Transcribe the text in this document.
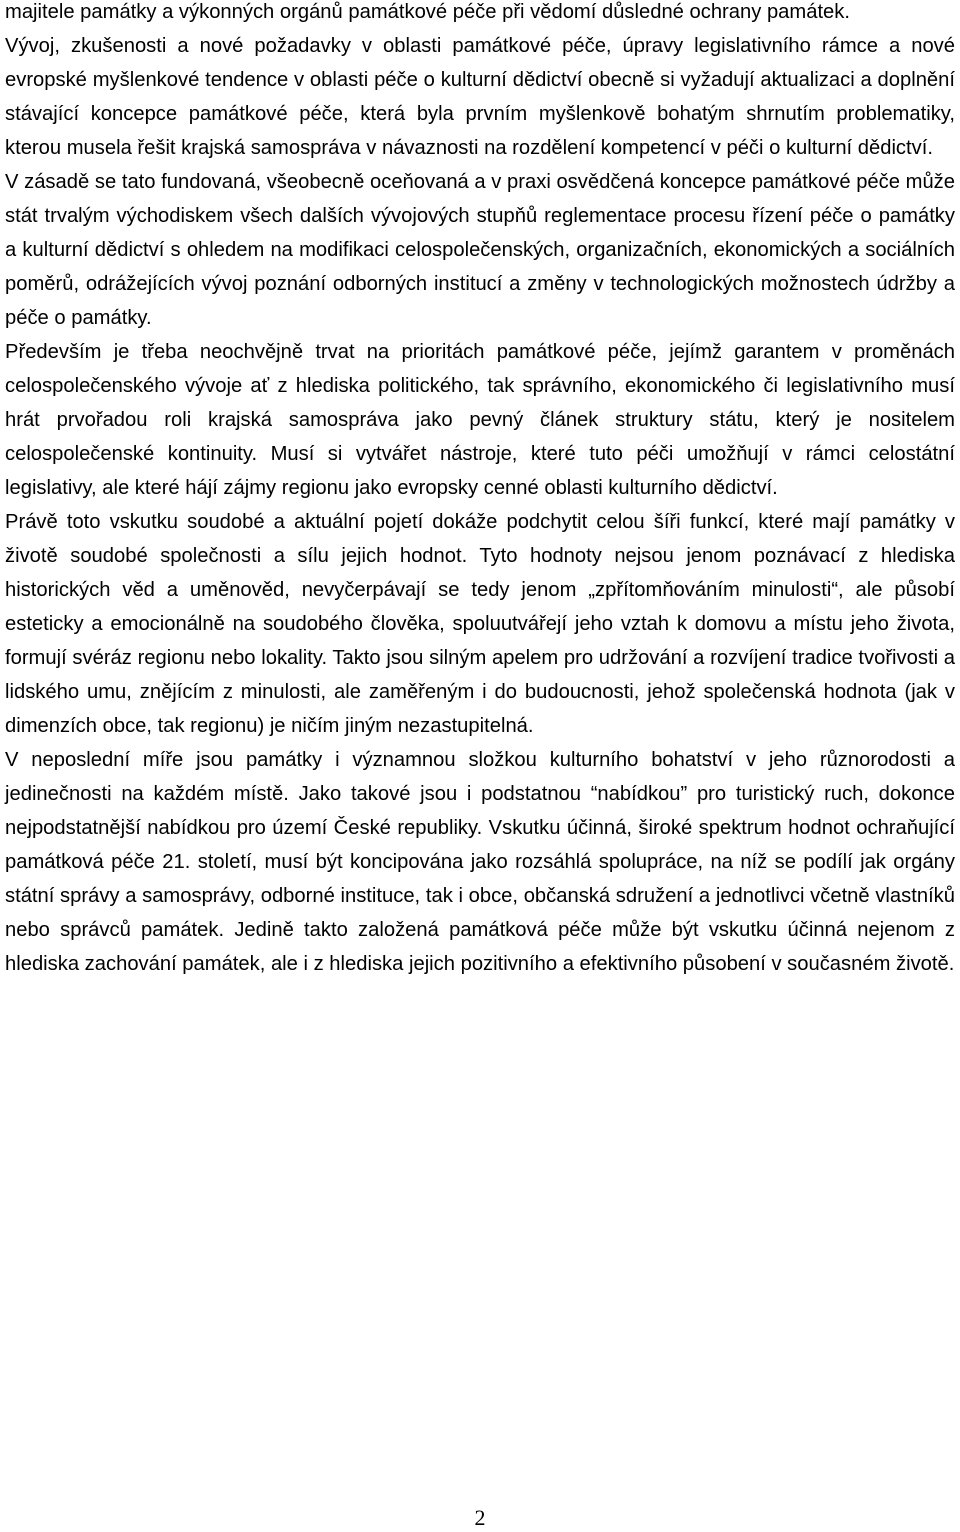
majitele památky a výkonných orgánů památkové péče při vědomí důsledné ochrany památek.

Vývoj, zkušenosti a nové požadavky v oblasti památkové péče, úpravy legislativního rámce a nové evropské myšlenkové tendence v oblasti péče o kulturní dědictví obecně si vyžadují aktualizaci a doplnění stávající koncepce památkové péče, která byla prvním myšlenkově bohatým shrnutím problematiky, kterou musela řešit krajská samospráva v návaznosti na rozdělení kompetencí v péči o kulturní dědictví.

V zásadě se tato fundovaná, všeobecně oceňovaná a v praxi osvědčená koncepce památkové péče může stát trvalým východiskem všech dalších vývojových stupňů reglementace procesu řízení péče o památky a kulturní dědictví s ohledem na modifikaci celospolečenských, organizačních, ekonomických a sociálních poměrů, odrážejících vývoj poznání odborných institucí a změny v technologických možnostech údržby a péče o památky.

Především je třeba neochvějně trvat na prioritách památkové péče, jejímž garantem v proměnách celospolečenského vývoje ať z hlediska politického, tak správního, ekonomického či legislativního musí hrát prvořadou roli krajská samospráva jako pevný článek struktury státu, který je nositelem celospolečenské kontinuity. Musí si vytvářet nástroje, které tuto péči umožňují v rámci celostátní legislativy, ale které hájí zájmy regionu jako evropsky cenné oblasti kulturního dědictví.

Právě toto vskutku soudobé a aktuální pojetí dokáže podchytit celou šíři funkcí, které mají památky v životě soudobé společnosti a sílu jejich hodnot. Tyto hodnoty nejsou jenom poznávací z hlediska historických věd a uměnověd, nevyčerpávají se tedy jenom „zpřítomňováním minulosti“, ale působí esteticky a emocionálně na soudobého člověka, spoluutvářejí jeho vztah k domovu a místu jeho života, formují svéráz regionu nebo lokality. Takto jsou silným apelem pro udržování a rozvíjení tradice tvořivosti a lidského umu, znějícím z minulosti, ale zaměřeným i do budoucnosti, jehož společenská hodnota (jak v dimenzích obce, tak regionu) je ničím jiným nezastupitelná.

V neposlední míře jsou památky i významnou složkou kulturního bohatství v jeho různorodosti a jedinečnosti na každém místě. Jako takové jsou i podstatnou “nabídkou” pro turistický ruch, dokonce nejpodstatnější nabídkou pro území České republiky. Vskutku účinná, široké spektrum hodnot ochraňující památková péče 21. století, musí být koncipována jako rozsáhlá spolupráce, na níž se podílí jak orgány státní správy a samosprávy, odborné instituce, tak i obce, občanská sdružení a jednotlivci včetně vlastníků nebo správců památek. Jedině takto založená památková péče může být vskutku účinná nejenom z hlediska zachování památek, ale i z hlediska jejich pozitivního a efektivního působení v současném životě.

2
